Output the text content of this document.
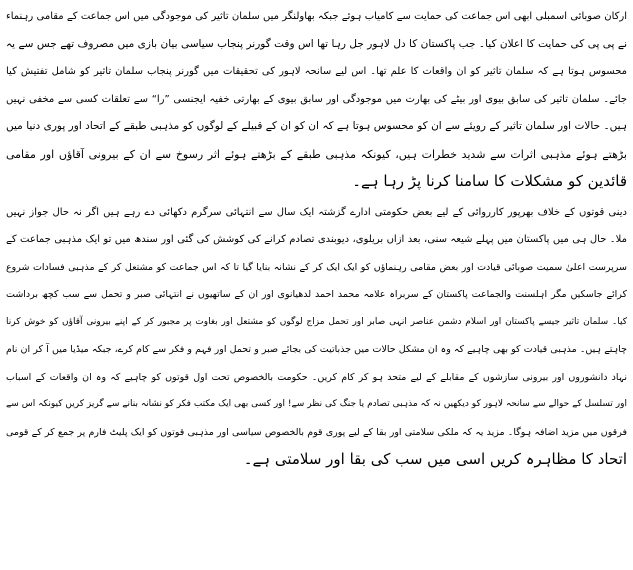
ارکان صوبائی اسمبلی ابھی اس جماعت کی حمایت سے کامیاب ہوئے جبکہ بھاولنگر میں سلمان تاثیر کی موجودگی میں اس جماعت کے مقامی رہنماء
نے پی پی کی حمایت کا اعلان کیا۔ جب پاکستان کا دل لاہور جل رہا تھا اس وقت گورنر پنجاب سیاسی بیان بازی میں مصروف تھے جس سے یہ
محسوس ہوتا ہے کہ سلمان تاثیر کو ان واقعات کا علم تھا۔ اس لیے سانحہ لاہور کی تحقیقات میں گورنر پنجاب سلمان تاثیر کو شامل تفتیش کیا
جائے۔ سلمان تاثیر کی سابق بیوی اور بیٹے کی بھارت میں موجودگی اور سابق بیوی کے بھارتی خفیہ ایجنسی ”را“ سے تعلقات کسی سے مخفی نہیں
ہیں۔ حالات اور سلمان تاثیر کے رویئے سے ان کو محسوس ہوتا ہے کہ ان کو ان کے قبیلے کے لوگوں کو مذہبی طبقے کے اتحاد اور پوری دنیا میں
بڑھتے ہوئے مذہبی اثرات سے شدید خطرات ہیں، کیونکہ مذہبی طبقے کے بڑھتے ہوئے اثر رسوخ سے ان کے بیرونی آقاؤں اور مقامی
قائدین کو مشکلات کا سامنا کرنا پڑ رہا ہے۔
دینی قوتوں کے خلاف بھرپور کارروائی کے لیے بعض حکومتی ادارے گزشتہ ایک سال سے انتہائی سرگرم دکھائی دے رہے ہیں اگر نہ حال جواز نہیں
ملا۔ حال ہی میں پاکستان میں پہلے شیعہ سنی، بعد ازاں بریلوی، دیوبندی تصادم کرانے کی کوشش کی گئی اور سندھ میں تو ایک مذہبی جماعت کے
سرپرست اعلیٰ سمیت صوبائی قیادت اور بعض مقامی رہنماؤں کو ایک ایک کر کے نشانہ بنایا گیا تا کہ اس جماعت کو مشتعل کر کے مذہبی فسادات شروع
کرائے جاسکیں مگر اہلسنت والجماعت پاکستان کے سربراہ علامہ محمد احمد لدھیانوی اور ان کے ساتھیوں نے انتہائی صبر و تحمل سے سب کچھ برداشت
کیا۔ سلمان تاثیر جیسے پاکستان اور اسلام دشمن عناصر انہی صابر اور تحمل مزاج لوگوں کو مشتعل اور بغاوت پر مجبور کر کے اپنے بیرونی آقاؤں کو خوش کرنا
چاہتے ہیں۔ مذہبی قیادت کو بھی چاہیے کہ وہ ان مشکل حالات میں جذباتیت کی بجائے صبر و تحمل اور فہم و فکر سے کام کرے، جبکہ میڈیا میں آ کر ان نام
نہاد دانشوروں اور بیرونی سازشوں کے مقابلے کے لیے متحد ہو کر کام کریں۔ حکومت بالخصوص تحت اول قوتوں کو چاہیے کہ وہ ان واقعات کے اسباب
اور تسلسل کے حوالے سے سانحہ لاہور کو دیکھیں نہ کہ مذہبی تصادم یا جنگ کی نظر سے! اور کسی بھی ایک مکتب فکر کو نشانہ بنانے سے گریز کریں کیونکہ اس سے
فرقوں میں مزید اضافہ ہوگا۔ مزید یہ کہ ملکی سلامتی اور بقا کے لیے پوری قوم بالخصوص سیاسی اور مذہبی قوتوں کو ایک پلیٹ فارم پر جمع کر کے قومی
اتحاد کا مظاہرہ کریں اسی میں سب کی بقا اور سلامتی ہے۔
